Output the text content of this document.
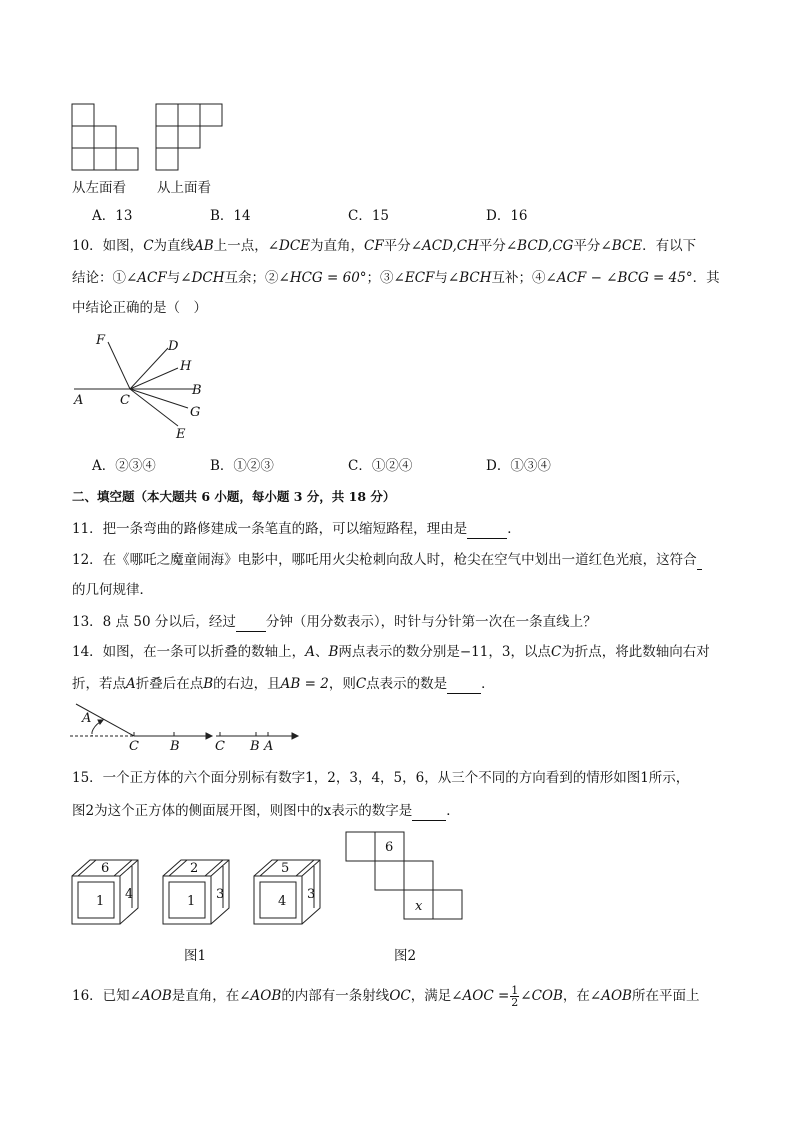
从左面看 从上面看
A．13	B．14	C．15	D．16
10．如图，C为直线AB上一点，∠DCE为直角，CF平分∠ACD,CH平分∠BCD,CG平分∠BCE．有以下
结论：①∠ACF与∠DCH互余；②∠HCG = 60°；③∠ECF与∠BCH互补；④∠ACF − ∠BCG = 45°．其
中结论正确的是（　）
F	D
H
B
G
E
A	C
A．②③④	B．①②③	C．①②④	D．①③④
二、填空题（本大题共 6 小题，每小题 3 分，共 18 分）
11．把一条弯曲的路修建成一条笔直的路，可以缩短路程，理由是	．
12．在《哪吒之魔童闹海》电影中，哪吒用火尖枪刺向敌人时，枪尖在空气中划出一道红色光痕，这符合
的几何规律．
13．8 点 50 分以后，经过 分钟（用分数表示），时针与分针第一次在一条直线上？
14．如图，在一条可以折叠的数轴上，A、B两点表示的数分别是−11，3，以点C为折点，将此数轴向右对
折，若点A折叠后在点B的右边，且AB = 2，则C点表示的数是	．
A
C B	C B A
15．一个正方体的六个面分别标有数字1，2，3，4，5，6，从三个不同的方向看到的情形如图1所示，
图2为这个正方体的侧面展开图，则图中的x表示的数字是	．
6
1 4
2
1 3
5
4 3
6
x
图1	图2
16．已知∠AOB是直角，在∠AOB的内部有一条射线OC，满足∠AOC = $\frac{1}{2}$ ∠COB，在∠AOB所在平面上
